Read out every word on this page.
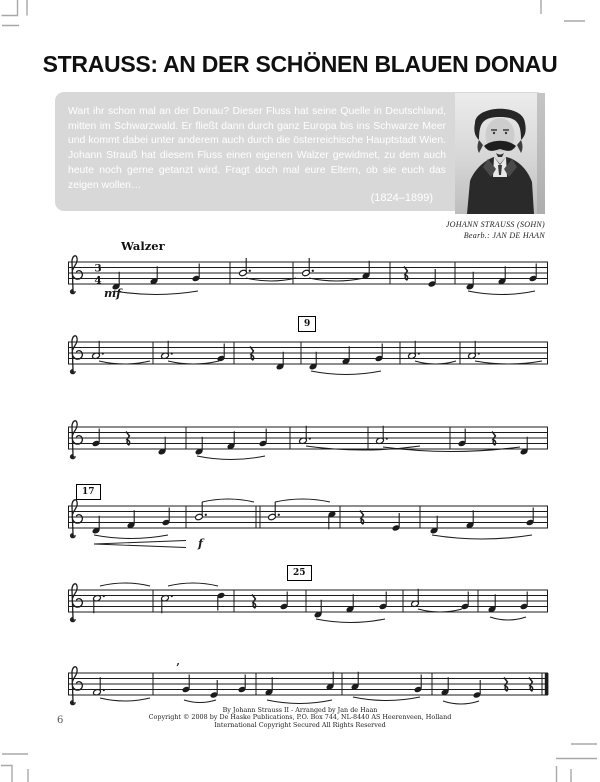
STRAUSS: AN DER SCHÖNEN BLAUEN DONAU
Wart ihr schon mal an der Donau? Dieser Fluss hat seine Quelle in Deutschland, mitten im Schwarzwald. Er fließt dann durch ganz Europa bis ins Schwarze Meer und kommt dabei unter anderem auch durch die österreichische Hauptstadt Wien. Johann Strauß hat diesem Fluss einen eigenen Walzer gewidmet, zu dem auch heute noch gerne getanzt wird. Fragt doch mal eure Eltern, ob sie euch das zeigen wollen…
(1824–1899)
JOHANN STRAUSS (SOHN)
Bearb.: JAN DE HAAN
Walzer
9
17
25
3
4
mf
f
’
6
By Johann Strauss II - Arranged by Jan de Haan
Copyright © 2008 by De Haske Publications, P.O. Box 744, NL-8440 AS Heerenveen, Holland
International Copyright Secured All Rights Reserved
